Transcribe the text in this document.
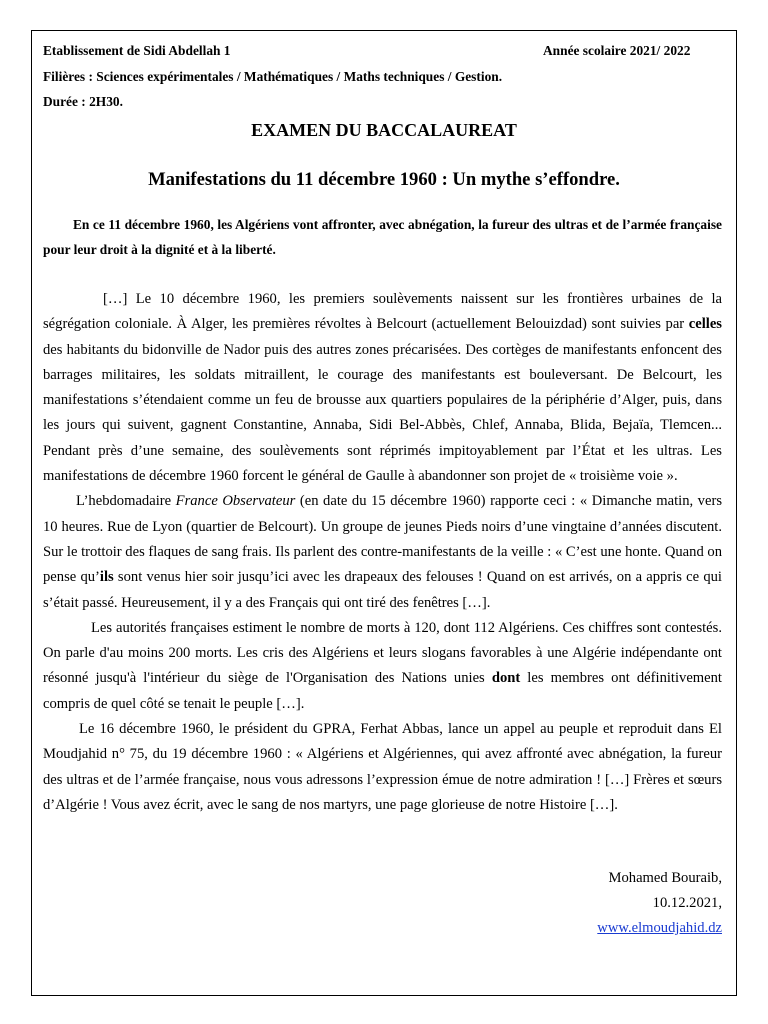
Etablissement de Sidi Abdellah 1	Année scolaire 2021/ 2022
Filières : Sciences expérimentales / Mathématiques / Maths techniques / Gestion.
Durée : 2H30.
EXAMEN DU BACCALAUREAT
Manifestations du 11 décembre 1960 : Un mythe s’effondre.
En ce 11 décembre 1960, les Algériens vont affronter, avec abnégation, la fureur des ultras et de l’armée française pour leur droit à la dignité et à la liberté.

[…] Le 10 décembre 1960, les premiers soulèvements naissent sur les frontières urbaines de la ségrégation coloniale. À Alger, les premières révoltes à Belcourt (actuellement Belouizdad) sont suivies par celles des habitants du bidonville de Nador puis des autres zones précarisées. Des cortèges de manifestants enfoncent des barrages militaires, les soldats mitraillent, le courage des manifestants est bouleversant. De Belcourt, les manifestations s’étendaient comme un feu de brousse aux quartiers populaires de la périphérie d’Alger, puis, dans les jours qui suivent, gagnent Constantine, Annaba, Sidi Bel-Abbès, Chlef, Annaba, Blida, Bejaïa, Tlemcen... Pendant près d’une semaine, des soulèvements sont réprimés impitoyablement par l’État et les ultras. Les manifestations de décembre 1960 forcent le général de Gaulle à abandonner son projet de « troisième voie ».

L’hebdomadaire France Observateur (en date du 15 décembre 1960) rapporte ceci : « Dimanche matin, vers 10 heures. Rue de Lyon (quartier de Belcourt). Un groupe de jeunes Pieds noirs d’une vingtaine d’années discutent. Sur le trottoir des flaques de sang frais. Ils parlent des contre-manifestants de la veille : « C’est une honte. Quand on pense qu’ils sont venus hier soir jusqu’ici avec les drapeaux des felouses ! Quand on est arrivés, on a appris ce qui s’était passé. Heureusement, il y a des Français qui ont tiré des fenêtres […].

Les autorités françaises estiment le nombre de morts à 120, dont 112 Algériens. Ces chiffres sont contestés. On parle d'au moins 200 morts. Les cris des Algériens et leurs slogans favorables à une Algérie indépendante ont résonné jusqu'à l'intérieur du siège de l'Organisation des Nations unies dont les membres ont définitivement compris de quel côté se tenait le peuple […].

Le 16 décembre 1960, le président du GPRA, Ferhat Abbas, lance un appel au peuple et reproduit dans El Moudjahid n° 75, du 19 décembre 1960 : « Algériens et Algériennes, qui avez affronté avec abnégation, la fureur des ultras et de l’armée française, nous vous adressons l’expression émue de notre admiration ! […] Frères et sœurs d’Algérie ! Vous avez écrit, avec le sang de nos martyrs, une page glorieuse de notre Histoire […].

Mohamed Bouraib,
10.12.2021,
www.elmoudjahid.dz
